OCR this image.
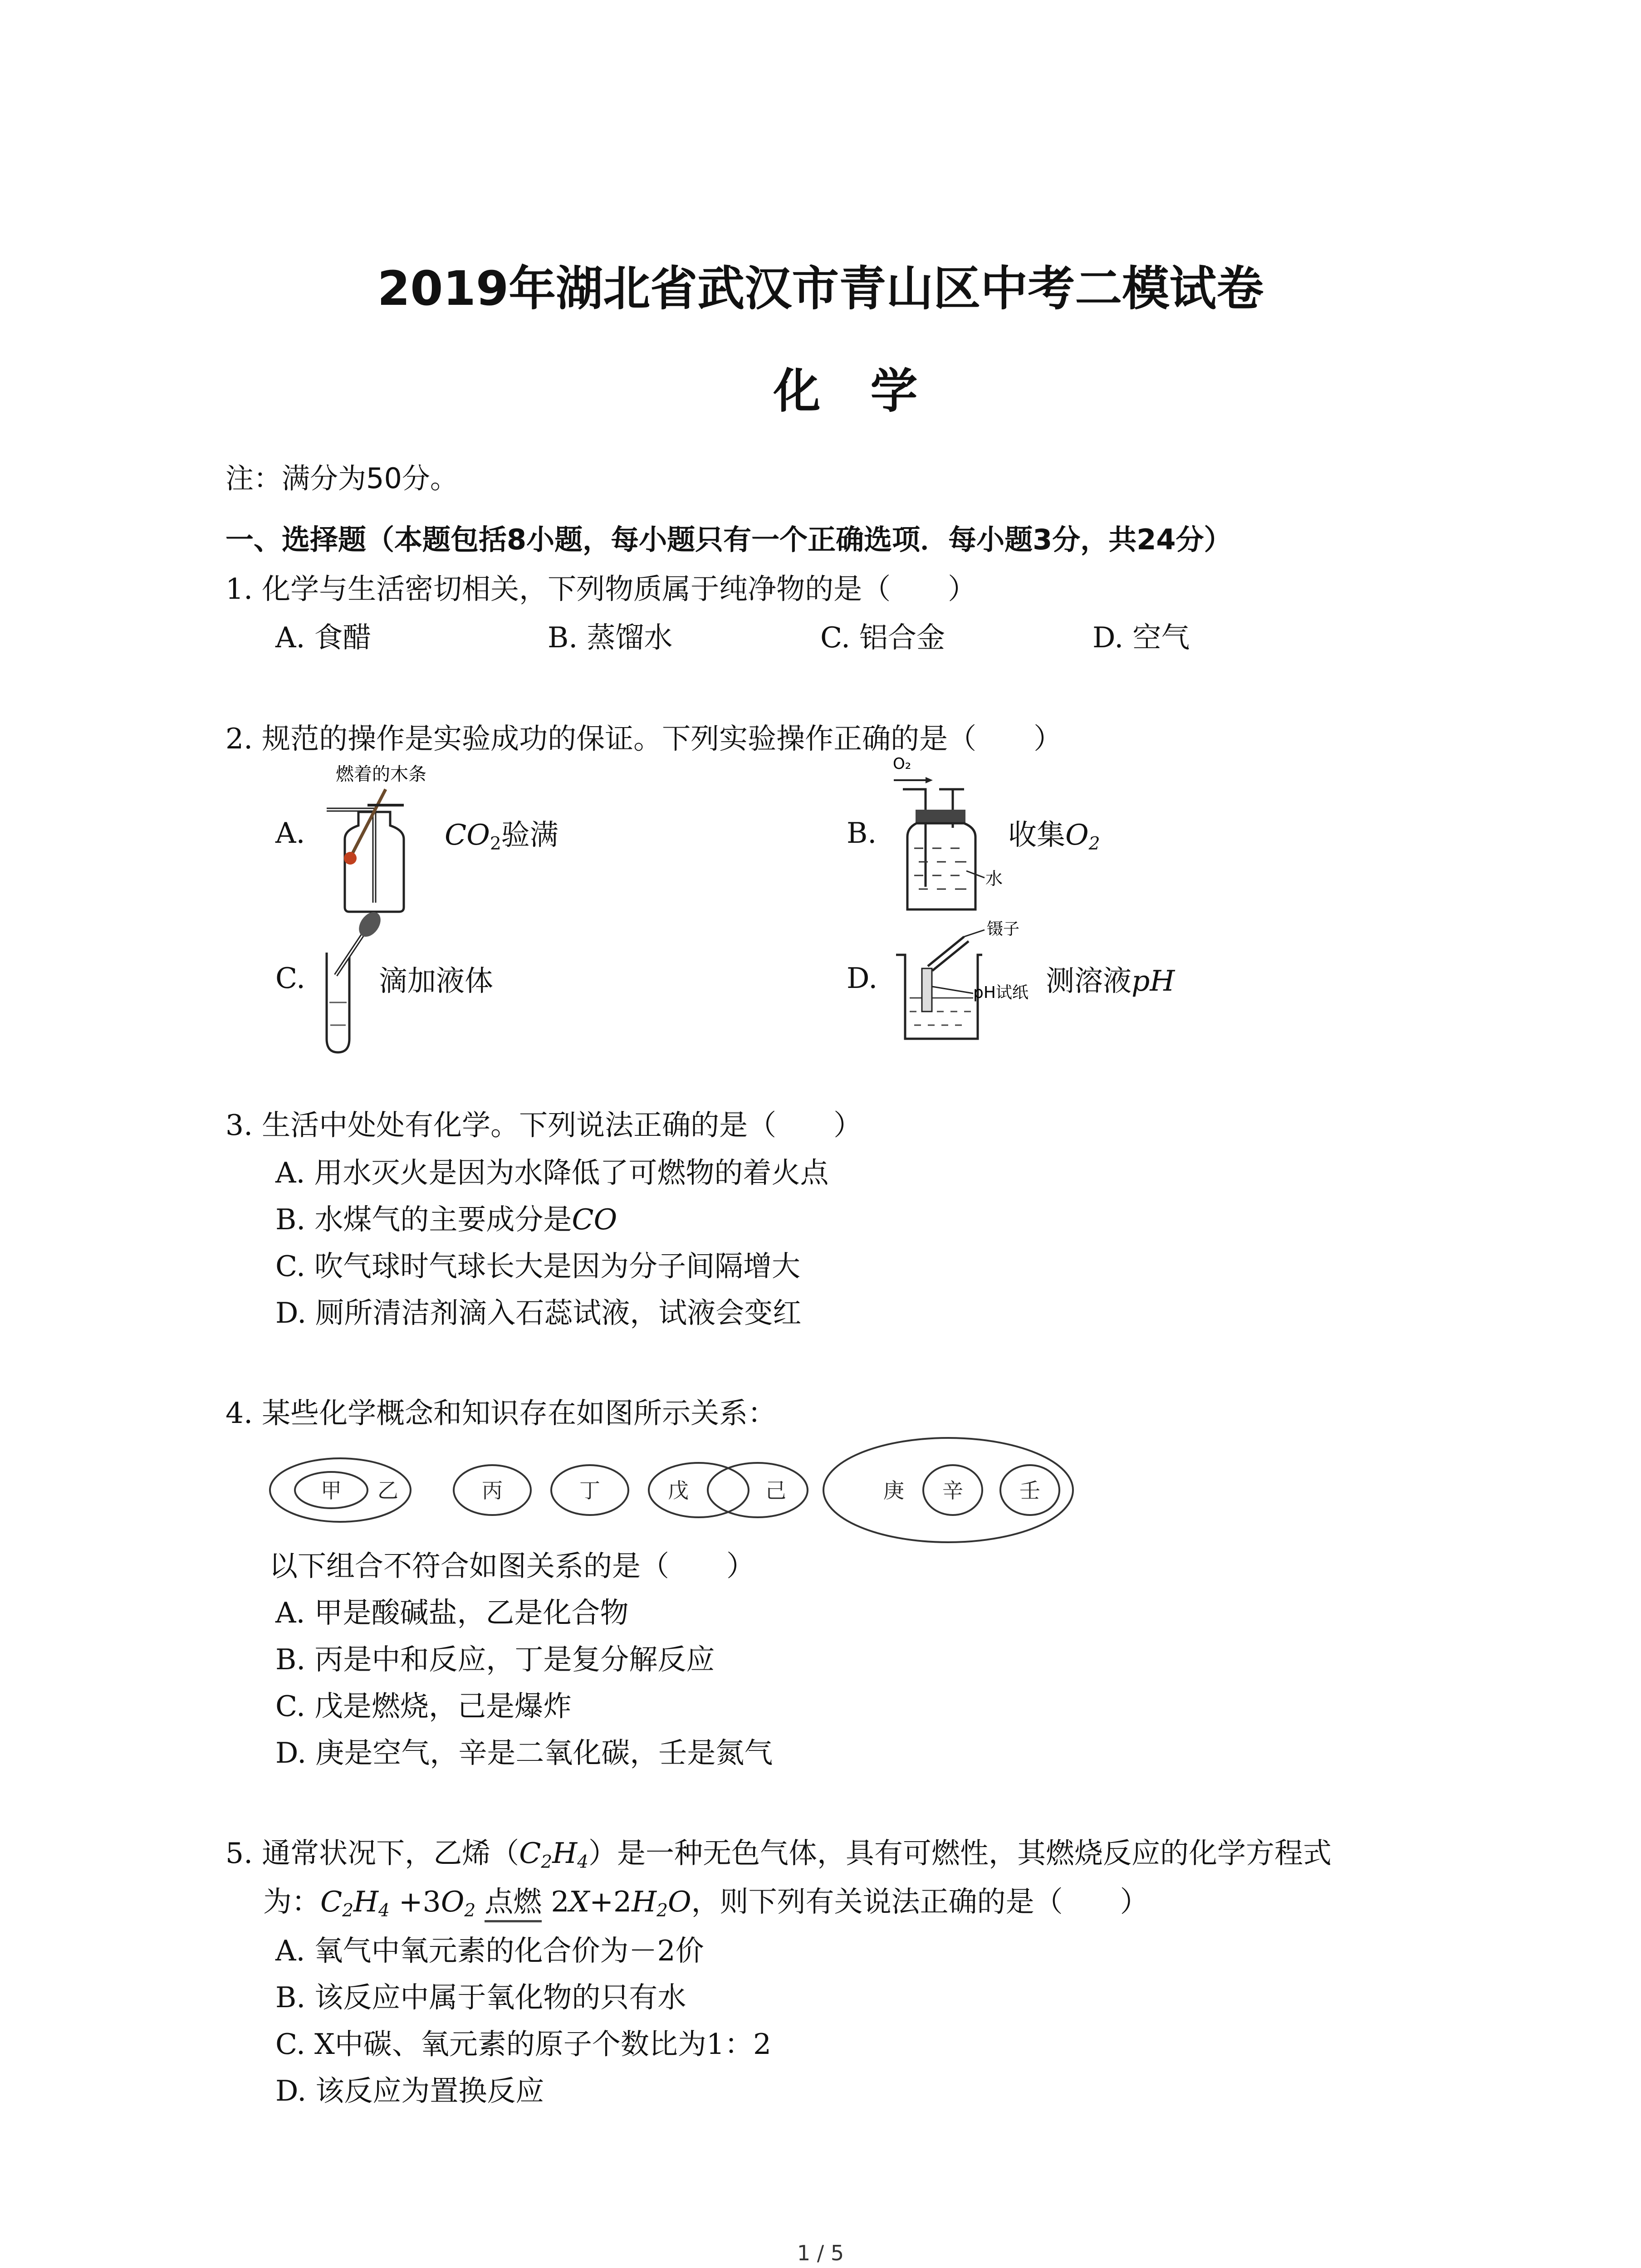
2019年湖北省武汉市青山区中考二模试卷
化学
注：满分为50分。
一、选择题（本题包括8小题，每小题只有一个正确选项．每小题3分，共24分）
1. 化学与生活密切相关，下列物质属于纯净物的是（　　）
A. 食醋	B. 蒸馏水	C. 铝合金	D. 空气
2. 规范的操作是实验成功的保证。下列实验操作正确的是（　　）
A.
燃着的木条
$CO_2$验满	B.
O₂
水
收集$O_2$
C.	滴加液体	D.
镊子
pH试纸 测溶液pH
3. 生活中处处有化学。下列说法正确的是（　　）
A. 用水灭火是因为水降低了可燃物的着火点
B. 水煤气的主要成分是CO
C. 吹气球时气球长大是因为分子间隔增大
D. 厕所清洁剂滴入石蕊试液，试液会变红
4. 某些化学概念和知识存在如图所示关系：
甲 乙	丙	丁	戊	己	庚 辛	壬
以下组合不符合如图关系的是（　　）
A. 甲是酸碱盐，乙是化合物
B. 丙是中和反应，丁是复分解反应
C. 戊是燃烧，己是爆炸
D. 庚是空气，辛是二氧化碳，壬是氮气
5. 通常状况下，乙烯$(C_2H_4)$是一种无色气体，具有可燃性，其燃烧反应的化学方程式
为：$C_2H_4 +3O_2$ 点燃 $2X+2H_2O$，则下列有关说法正确的是（　　）
A. 氧气中氧元素的化合价为－2价
B. 该反应中属于氧化物的只有水
C. X中碳、氧元素的原子个数比为1：2
D. 该反应为置换反应
1 / 5
